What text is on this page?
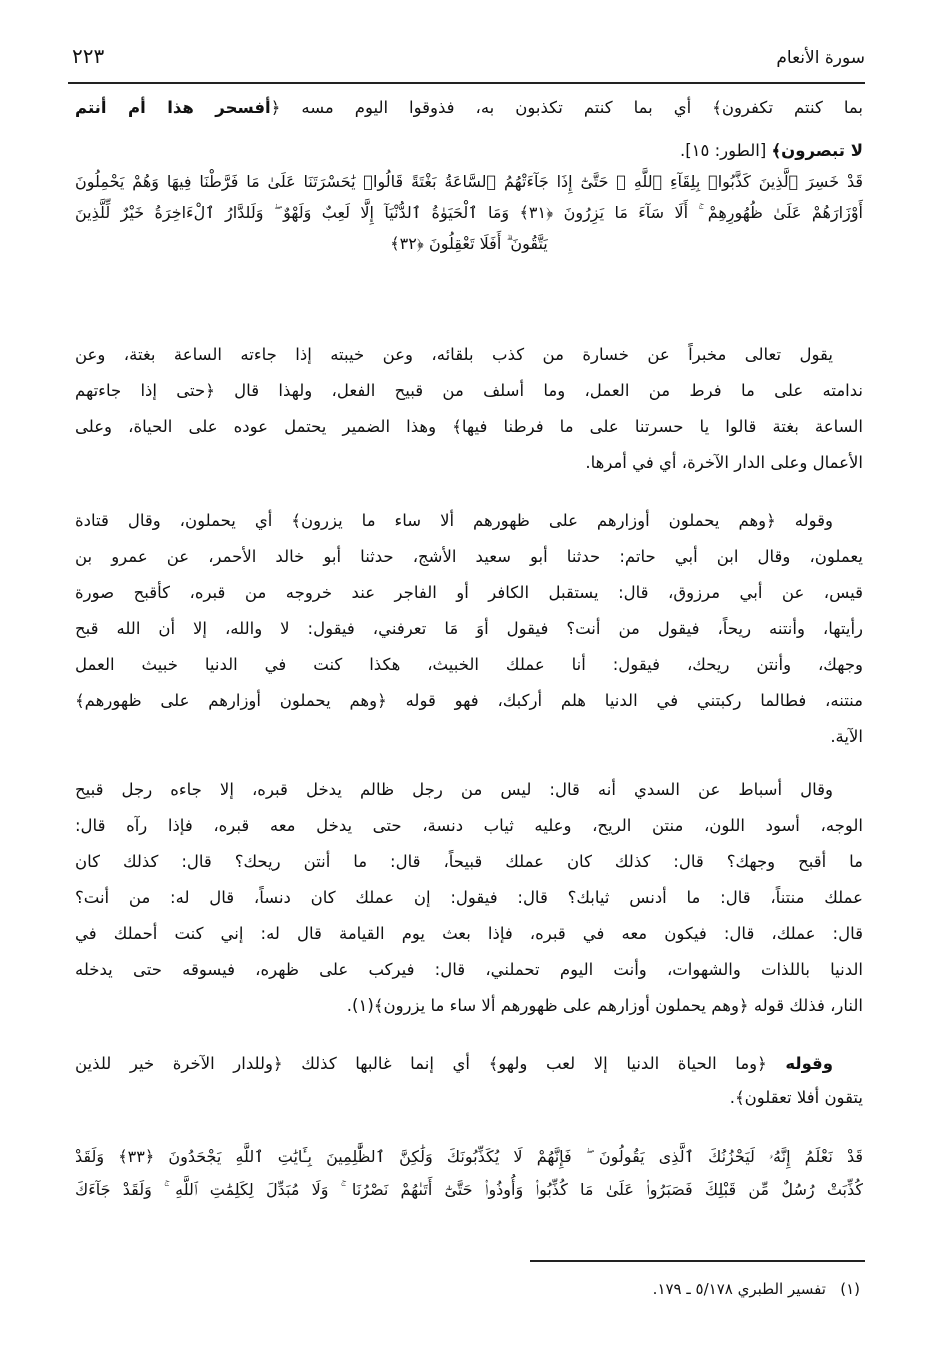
سورة الأنعام
٢٢٣
بما كنتم تكفرون﴾ أي بما كنتم تكذبون به، فذوقوا اليوم مسه ﴿أفسحر هذا أم أنتم
لا تبصرون﴾ [الطور: ١٥].
قَدْ خَسِرَ ٱلَّذِينَ كَذَّبُوا۟ بِلِقَآءِ ٱللَّهِ ۖ حَتَّىٰٓ إِذَا جَآءَتْهُمُ ٱلسَّاعَةُ بَغْتَةً قَالُوا۟ يَٰحَسْرَتَنَا عَلَىٰ مَا فَرَّطْنَا فِيهَا وَهُمْ يَحْمِلُونَ
أَوْزَارَهُمْ عَلَىٰ ظُهُورِهِمْ ۚ أَلَا سَآءَ مَا يَزِرُونَ ﴿٣١﴾ وَمَا ٱلْحَيَوٰةُ ٱلدُّنْيَآ إِلَّا لَعِبٌ وَلَهْوٌ ۖ وَلَلدَّارُ ٱلْءَاخِرَةُ خَيْرٌ لِّلَّذِينَ
يَتَّقُونَ ۗ أَفَلَا تَعْقِلُونَ ﴿٣٢﴾
يقول تعالى مخبراً عن خسارة من كذب بلقائه، وعن خيبته إذا جاءته الساعة بغتة، وعن
ندامته على ما فرط من العمل، وما أسلف من قبيح الفعل، ولهذا قال ﴿حتى إذا جاءتهم
الساعة بغتة قالوا يا حسرتنا على ما فرطنا فيها﴾ وهذا الضمير يحتمل عوده على الحياة، وعلى
الأعمال وعلى الدار الآخرة، أي في أمرها.
وقوله ﴿وهم يحملون أوزارهم على ظهورهم ألا ساء ما يزرون﴾ أي يحملون، وقال قتادة
يعملون، وقال ابن أبي حاتم: حدثنا أبو سعيد الأشج، حدثنا أبو خالد الأحمر، عن عمرو بن
قيس، عن أبي مرزوق، قال: يستقبل الكافر أو الفاجر عند خروجه من قبره، كأقبح صورة
رأيتها، وأنتنه ريحاً، فيقول من أنت؟ فيقول أوَ مَا تعرفني، فيقول: لا والله، إلا أن الله قبح
وجهك، وأنتن ريحك، فيقول: أنا عملك الخبيث، هكذا كنت في الدنيا خبيث العمل
منتنه، فطالما ركبتني في الدنيا هلم أركبك، فهو قوله ﴿وهم يحملون أوزارهم على ظهورهم﴾
الآية.
وقال أسباط عن السدي أنه قال: ليس من رجل ظالم يدخل قبره، إلا جاءه رجل قبيح
الوجه، أسود اللون، منتن الريح، وعليه ثياب دنسة، حتى يدخل معه قبره، فإذا رآه قال:
ما أقبح وجهك؟ قال: كذلك كان عملك قبيحاً، قال: ما أنتن ريحك؟ قال: كذلك كان
عملك منتناً، قال: ما أدنس ثيابك؟ قال: فيقول: إن عملك كان دنساً، قال له: من أنت؟
قال: عملك، قال: فيكون معه في قبره، فإذا بعث يوم القيامة قال له: إني كنت أحملك في
الدنيا باللذات والشهوات، وأنت اليوم تحملني، قال: فيركب على ظهره، فيسوقه حتى يدخله
النار، فذلك قوله ﴿وهم يحملون أوزارهم على ظهورهم ألا ساء ما يزرون﴾(١).
وقوله ﴿وما الحياة الدنيا إلا لعب ولهو﴾ أي إنما غالبها كذلك ﴿وللدار الآخرة خير للذين
يتقون أفلا تعقلون﴾.
قَدْ نَعْلَمُ إِنَّهُۥ لَيَحْزُنُكَ ٱلَّذِى يَقُولُونَ ۖ فَإِنَّهُمْ لَا يُكَذِّبُونَكَ وَلَٰكِنَّ ٱلظَّٰلِمِينَ بِـَٔايَٰتِ ٱللَّهِ يَجْحَدُونَ ﴿٣٣﴾ وَلَقَدْ
كُذِّبَتْ رُسُلٌ مِّن قَبْلِكَ فَصَبَرُوا۟ عَلَىٰ مَا كُذِّبُوا۟ وَأُوذُوا۟ حَتَّىٰٓ أَتَىٰهُمْ نَصْرُنَا ۚ وَلَا مُبَدِّلَ لِكَلِمَٰتِ ٱللَّهِ ۚ وَلَقَدْ جَآءَكَ
(١)   تفسير الطبري ٥/١٧٨ ـ ١٧٩.
